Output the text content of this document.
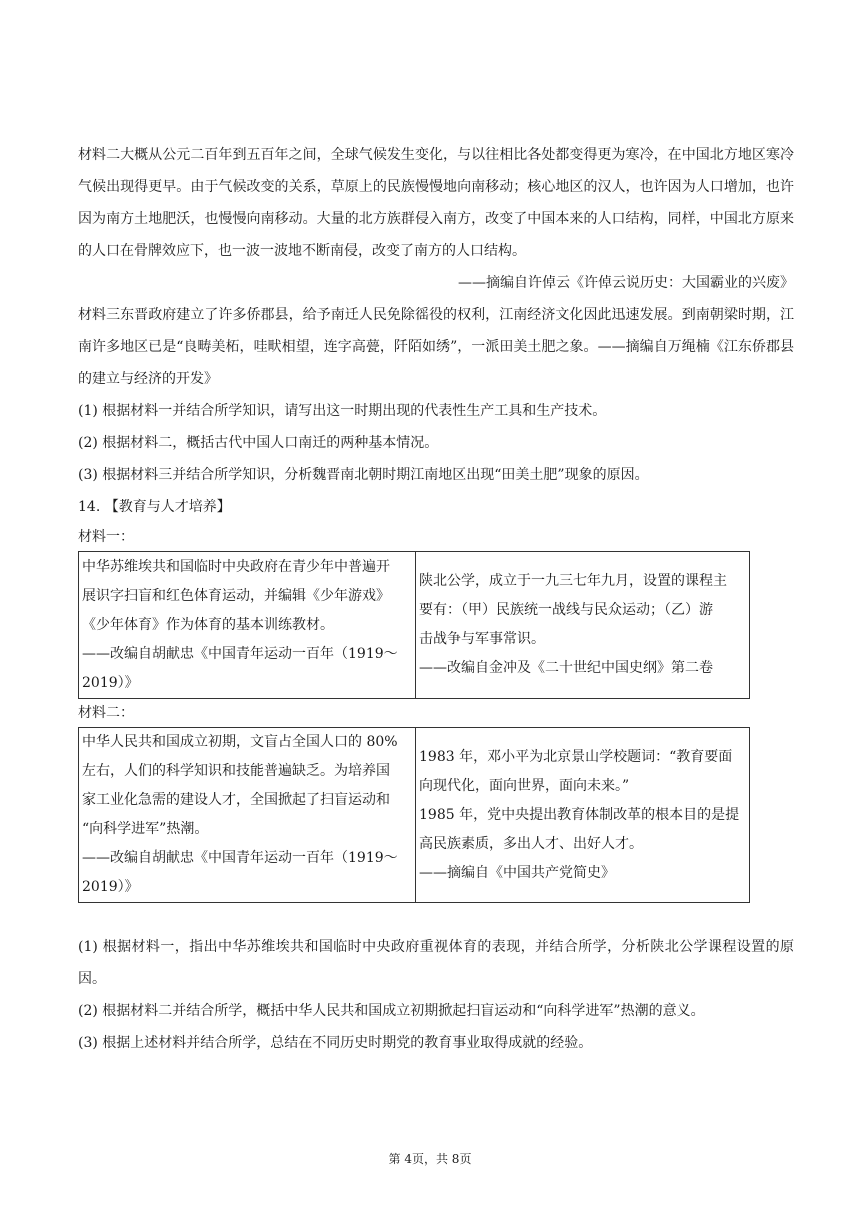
材料二大概从公元二百年到五百年之间，全球气候发生变化，与以往相比各处都变得更为寒冷，在中国北方地区寒冷气候出现得更早。由于气候改变的关系，草原上的民族慢慢地向南移动；核心地区的汉人，也许因为人口增加，也许因为南方土地肥沃，也慢慢向南移动。大量的北方族群侵入南方，改变了中国本来的人口结构，同样，中国北方原来的人口在骨牌效应下，也一波一波地不断南侵，改变了南方的人口结构。

——摘编自许倬云《许倬云说历史：大国霸业的兴废》

材料三东晋政府建立了许多侨郡县，给予南迁人民免除徭役的权利，江南经济文化因此迅速发展。到南朝梁时期，江南许多地区已是“良畴美柘，哇畎相望，连字高甍，阡陌如绣”，一派田美土肥之象。——摘编自万绳楠《江东侨郡县的建立与经济的开发》

(1) 根据材料一并结合所学知识，请写出这一时期出现的代表性生产工具和生产技术。

(2) 根据材料二，概括古代中国人口南迁的两种基本情况。

(3) 根据材料三并结合所学知识，分析魏晋南北朝时期江南地区出现“田美土肥”现象的原因。

14. 【教育与人才培养】

材料一：

中华苏维埃共和国临时中央政府在青少年中普遍开
展识字扫盲和红色体育运动，并编辑《少年游戏》
《少年体育》作为体育的基本训练教材。
——改编自胡献忠《中国青年运动一百年（1919～
2019）》

陕北公学，成立于一九三七年九月，设置的课程主
要有：（甲）民族统一战线与民众运动；（乙）游
击战争与军事常识。
——改编自金冲及《二十世纪中国史纲》第二卷

材料二：

中华人民共和国成立初期，文盲占全国人口的 80%
左右，人们的科学知识和技能普遍缺乏。为培养国
家工业化急需的建设人才，全国掀起了扫盲运动和
“向科学进军”热潮。
——改编自胡献忠《中国青年运动一百年（1919～
2019）》

1983 年，邓小平为北京景山学校题词：“教育要面
向现代化，面向世界，面向未来。”
1985 年，党中央提出教育体制改革的根本目的是提
高民族素质，多出人才、出好人才。
——摘编自《中国共产党简史》

(1) 根据材料一，指出中华苏维埃共和国临时中央政府重视体育的表现，并结合所学，分析陕北公学课程设置的原因。

(2) 根据材料二并结合所学，概括中华人民共和国成立初期掀起扫盲运动和“向科学进军”热潮的意义。

(3) 根据上述材料并结合所学，总结在不同历史时期党的教育事业取得成就的经验。

第 4页，共 8页
